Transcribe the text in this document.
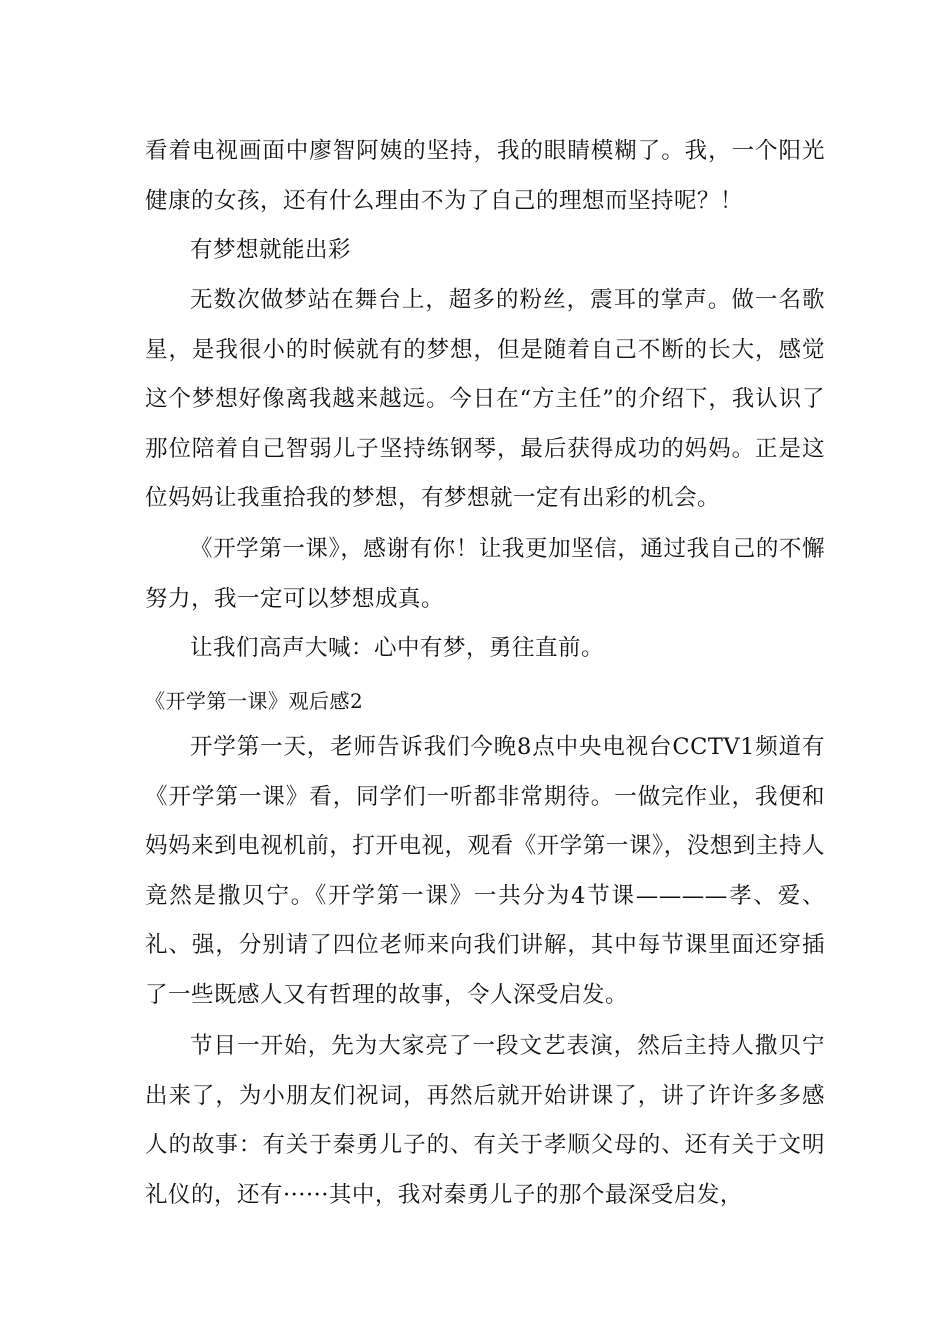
看着电视画面中廖智阿姨的坚持，我的眼睛模糊了。我，一个阳光健康的女孩，还有什么理由不为了自己的理想而坚持呢？！

有梦想就能出彩

无数次做梦站在舞台上，超多的粉丝，震耳的掌声。做一名歌星，是我很小的时候就有的梦想，但是随着自己不断的长大，感觉这个梦想好像离我越来越远。今日在“方主任”的介绍下，我认识了那位陪着自己智弱儿子坚持练钢琴，最后获得成功的妈妈。正是这位妈妈让我重拾我的梦想，有梦想就一定有出彩的机会。

《开学第一课》，感谢有你！让我更加坚信，通过我自己的不懈努力，我一定可以梦想成真。

让我们高声大喊：心中有梦，勇往直前。

《开学第一课》观后感2

开学第一天，老师告诉我们今晚8点中央电视台CCTV1频道有《开学第一课》看，同学们一听都非常期待。一做完作业，我便和妈妈来到电视机前，打开电视，观看《开学第一课》，没想到主持人竟然是撒贝宁。《开学第一课》一共分为4节课————孝、爱、礼、强，分别请了四位老师来向我们讲解，其中每节课里面还穿插了一些既感人又有哲理的故事，令人深受启发。

节目一开始，先为大家亮了一段文艺表演，然后主持人撒贝宁出来了，为小朋友们祝词，再然后就开始讲课了，讲了许许多多感人的故事：有关于秦勇儿子的、有关于孝顺父母的、还有关于文明礼仪的，还有······其中，我对秦勇儿子的那个最深受启发，
